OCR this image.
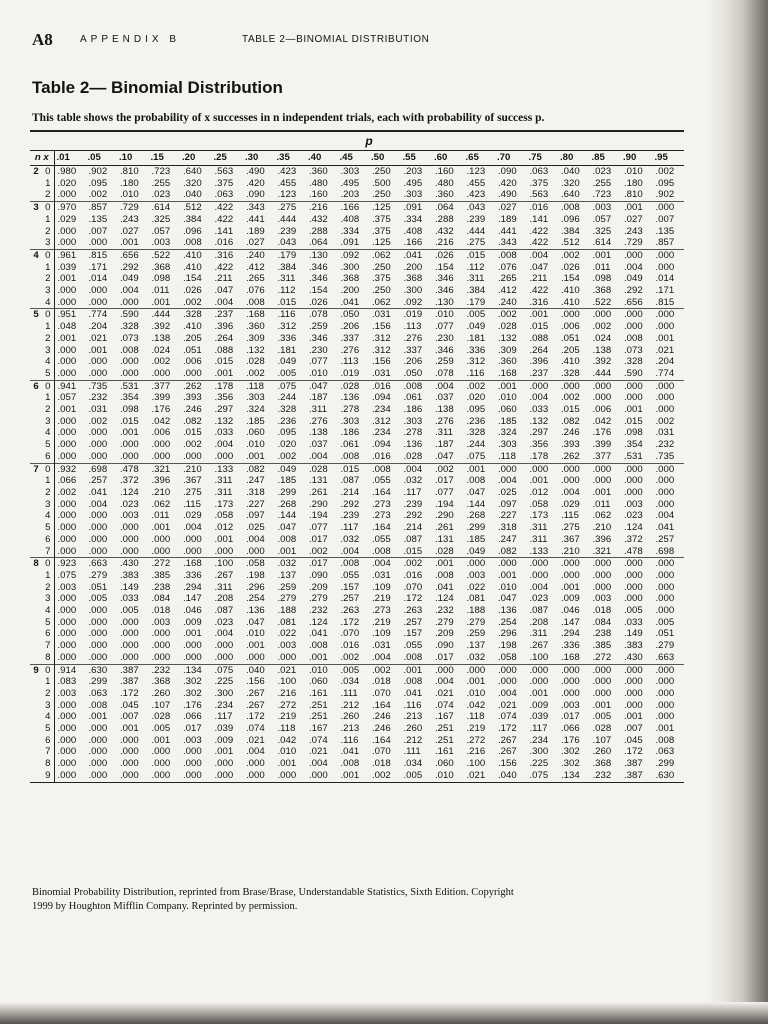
A8	APPENDIX B	TABLE 2—BINOMIAL DISTRIBUTION
Table 2— Binomial Distribution
This table shows the probability of x successes in n independent trials, each with probability of success p.
		p																			
n x		.01	.05	.10	.15	.20	.25	.30	.35	.40	.45	.50	.55	.60	.65	.70	.75	.80	.85	.90	.95
2	0	.980	.902	.810	.723	.640	.563	.490	.423	.360	.303	.250	.203	.160	.123	.090	.063	.040	.023	.010	.002
	1	.020	.095	.180	.255	.320	.375	.420	.455	.480	.495	.500	.495	.480	.455	.420	.375	.320	.255	.180	.095
	2	.000	.002	.010	.023	.040	.063	.090	.123	.160	.203	.250	.303	.360	.423	.490	.563	.640	.723	.810	.902
3	0	.970	.857	.729	.614	.512	.422	.343	.275	.216	.166	.125	.091	.064	.043	.027	.016	.008	.003	.001	.000
	1	.029	.135	.243	.325	.384	.422	.441	.444	.432	.408	.375	.334	.288	.239	.189	.141	.096	.057	.027	.007
	2	.000	.007	.027	.057	.096	.141	.189	.239	.288	.334	.375	.408	.432	.444	.441	.422	.384	.325	.243	.135
	3	.000	.000	.001	.003	.008	.016	.027	.043	.064	.091	.125	.166	.216	.275	.343	.422	.512	.614	.729	.857
4	0	.961	.815	.656	.522	.410	.316	.240	.179	.130	.092	.062	.041	.026	.015	.008	.004	.002	.001	.000	.000
	1	.039	.171	.292	.368	.410	.422	.412	.384	.346	.300	.250	.200	.154	.112	.076	.047	.026	.011	.004	.000
	2	.001	.014	.049	.098	.154	.211	.265	.311	.346	.368	.375	.368	.346	.311	.265	.211	.154	.098	.049	.014
	3	.000	.000	.004	.011	.026	.047	.076	.112	.154	.200	.250	.300	.346	.384	.412	.422	.410	.368	.292	.171
	4	.000	.000	.000	.001	.002	.004	.008	.015	.026	.041	.062	.092	.130	.179	.240	.316	.410	.522	.656	.815
5	0	.951	.774	.590	.444	.328	.237	.168	.116	.078	.050	.031	.019	.010	.005	.002	.001	.000	.000	.000	.000
	1	.048	.204	.328	.392	.410	.396	.360	.312	.259	.206	.156	.113	.077	.049	.028	.015	.006	.002	.000	.000
	2	.001	.021	.073	.138	.205	.264	.309	.336	.346	.337	.312	.276	.230	.181	.132	.088	.051	.024	.008	.001
	3	.000	.001	.008	.024	.051	.088	.132	.181	.230	.276	.312	.337	.346	.336	.309	.264	.205	.138	.073	.021
	4	.000	.000	.000	.002	.006	.015	.028	.049	.077	.113	.156	.206	.259	.312	.360	.396	.410	.392	.328	.204
	5	.000	.000	.000	.000	.000	.001	.002	.005	.010	.019	.031	.050	.078	.116	.168	.237	.328	.444	.590	.774
6	0	.941	.735	.531	.377	.262	.178	.118	.075	.047	.028	.016	.008	.004	.002	.001	.000	.000	.000	.000	.000
	1	.057	.232	.354	.399	.393	.356	.303	.244	.187	.136	.094	.061	.037	.020	.010	.004	.002	.000	.000	.000
	2	.001	.031	.098	.176	.246	.297	.324	.328	.311	.278	.234	.186	.138	.095	.060	.033	.015	.006	.001	.000
	3	.000	.002	.015	.042	.082	.132	.185	.236	.276	.303	.312	.303	.276	.236	.185	.132	.082	.042	.015	.002
	4	.000	.000	.001	.006	.015	.033	.060	.095	.138	.186	.234	.278	.311	.328	.324	.297	.246	.176	.098	.031
	5	.000	.000	.000	.000	.002	.004	.010	.020	.037	.061	.094	.136	.187	.244	.303	.356	.393	.399	.354	.232
	6	.000	.000	.000	.000	.000	.000	.001	.002	.004	.008	.016	.028	.047	.075	.118	.178	.262	.377	.531	.735
7	0	.932	.698	.478	.321	.210	.133	.082	.049	.028	.015	.008	.004	.002	.001	.000	.000	.000	.000	.000	.000
	1	.066	.257	.372	.396	.367	.311	.247	.185	.131	.087	.055	.032	.017	.008	.004	.001	.000	.000	.000	.000
	2	.002	.041	.124	.210	.275	.311	.318	.299	.261	.214	.164	.117	.077	.047	.025	.012	.004	.001	.000	.000
	3	.000	.004	.023	.062	.115	.173	.227	.268	.290	.292	.273	.239	.194	.144	.097	.058	.029	.011	.003	.000
	4	.000	.000	.003	.011	.029	.058	.097	.144	.194	.239	.273	.292	.290	.268	.227	.173	.115	.062	.023	.004
	5	.000	.000	.000	.001	.004	.012	.025	.047	.077	.117	.164	.214	.261	.299	.318	.311	.275	.210	.124	.041
	6	.000	.000	.000	.000	.000	.001	.004	.008	.017	.032	.055	.087	.131	.185	.247	.311	.367	.396	.372	.257
	7	.000	.000	.000	.000	.000	.000	.000	.001	.002	.004	.008	.015	.028	.049	.082	.133	.210	.321	.478	.698
8	0	.923	.663	.430	.272	.168	.100	.058	.032	.017	.008	.004	.002	.001	.000	.000	.000	.000	.000	.000	.000
	1	.075	.279	.383	.385	.336	.267	.198	.137	.090	.055	.031	.016	.008	.003	.001	.000	.000	.000	.000	.000
	2	.003	.051	.149	.238	.294	.311	.296	.259	.209	.157	.109	.070	.041	.022	.010	.004	.001	.000	.000	.000
	3	.000	.005	.033	.084	.147	.208	.254	.279	.279	.257	.219	.172	.124	.081	.047	.023	.009	.003	.000	.000
	4	.000	.000	.005	.018	.046	.087	.136	.188	.232	.263	.273	.263	.232	.188	.136	.087	.046	.018	.005	.000
	5	.000	.000	.000	.003	.009	.023	.047	.081	.124	.172	.219	.257	.279	.279	.254	.208	.147	.084	.033	.005
	6	.000	.000	.000	.000	.001	.004	.010	.022	.041	.070	.109	.157	.209	.259	.296	.311	.294	.238	.149	.051
	7	.000	.000	.000	.000	.000	.000	.001	.003	.008	.016	.031	.055	.090	.137	.198	.267	.336	.385	.383	.279
	8	.000	.000	.000	.000	.000	.000	.000	.000	.001	.002	.004	.008	.017	.032	.058	.100	.168	.272	.430	.663
9	0	.914	.630	.387	.232	.134	.075	.040	.021	.010	.005	.002	.001	.000	.000	.000	.000	.000	.000	.000	.000
	1	.083	.299	.387	.368	.302	.225	.156	.100	.060	.034	.018	.008	.004	.001	.000	.000	.000	.000	.000	.000
	2	.003	.063	.172	.260	.302	.300	.267	.216	.161	.111	.070	.041	.021	.010	.004	.001	.000	.000	.000	.000
	3	.000	.008	.045	.107	.176	.234	.267	.272	.251	.212	.164	.116	.074	.042	.021	.009	.003	.001	.000	.000
	4	.000	.001	.007	.028	.066	.117	.172	.219	.251	.260	.246	.213	.167	.118	.074	.039	.017	.005	.001	.000
	5	.000	.000	.001	.005	.017	.039	.074	.118	.167	.213	.246	.260	.251	.219	.172	.117	.066	.028	.007	.001
	6	.000	.000	.000	.001	.003	.009	.021	.042	.074	.116	.164	.212	.251	.272	.267	.234	.176	.107	.045	.008
	7	.000	.000	.000	.000	.000	.001	.004	.010	.021	.041	.070	.111	.161	.216	.267	.300	.302	.260	.172	.063
	8	.000	.000	.000	.000	.000	.000	.000	.001	.004	.008	.018	.034	.060	.100	.156	.225	.302	.368	.387	.299
	9	.000	.000	.000	.000	.000	.000	.000	.000	.000	.001	.002	.005	.010	.021	.040	.075	.134	.232	.387	.630
Binomial Probability Distribution, reprinted from Brase/Brase, Understandable Statistics, Sixth Edition. Copyright
1999 by Houghton Mifflin Company. Reprinted by permission.
